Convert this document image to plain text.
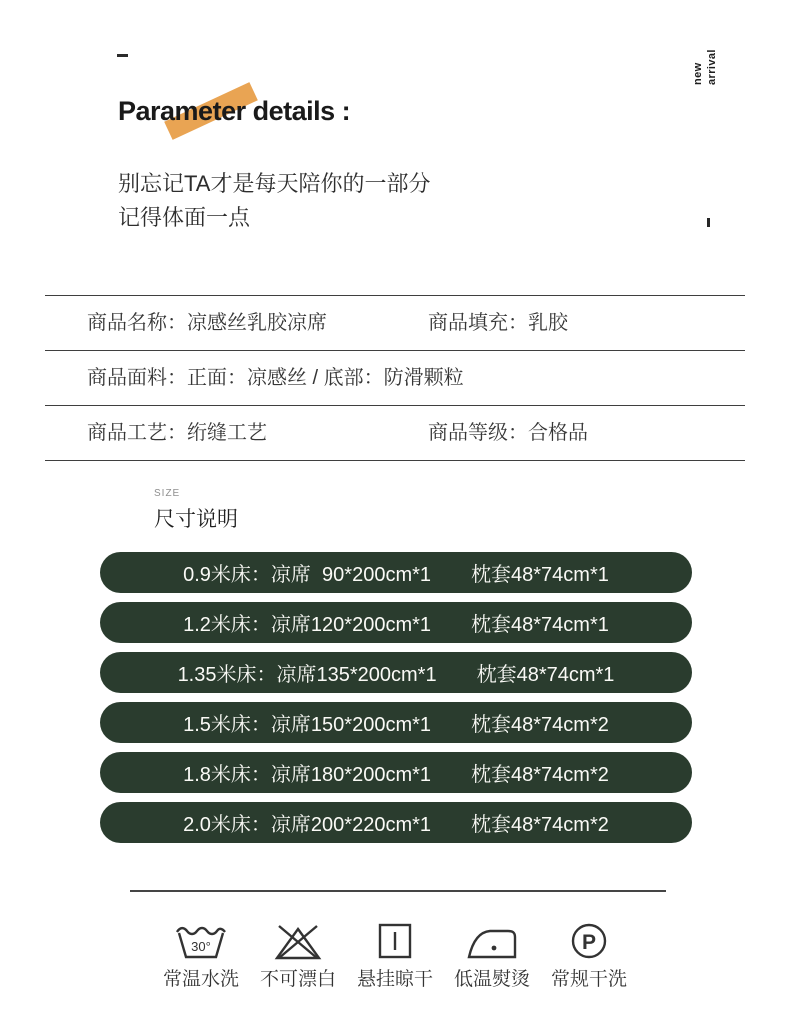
new arrival
Parameter details :
别忘记TA才是每天陪你的一部分
记得体面一点
商品名称：凉感丝乳胶凉席	商品填充：乳胶
商品面料：正面：凉感丝 / 底部：防滑颗粒
商品工艺：绗缝工艺	商品等级：合格品
SIZE
尺寸说明
0.9米床：凉席  90*200cm*1 枕套48*74cm*1
1.2米床：凉席120*200cm*1 枕套48*74cm*1
1.35米床：凉席135*200cm*1 枕套48*74cm*1
1.5米床：凉席150*200cm*1 枕套48*74cm*2
1.8米床：凉席180*200cm*1 枕套48*74cm*2
2.0米床：凉席200*220cm*1 枕套48*74cm*2
30°
常温水洗 不可漂白 悬挂晾干 低温熨烫
P
常规干洗
